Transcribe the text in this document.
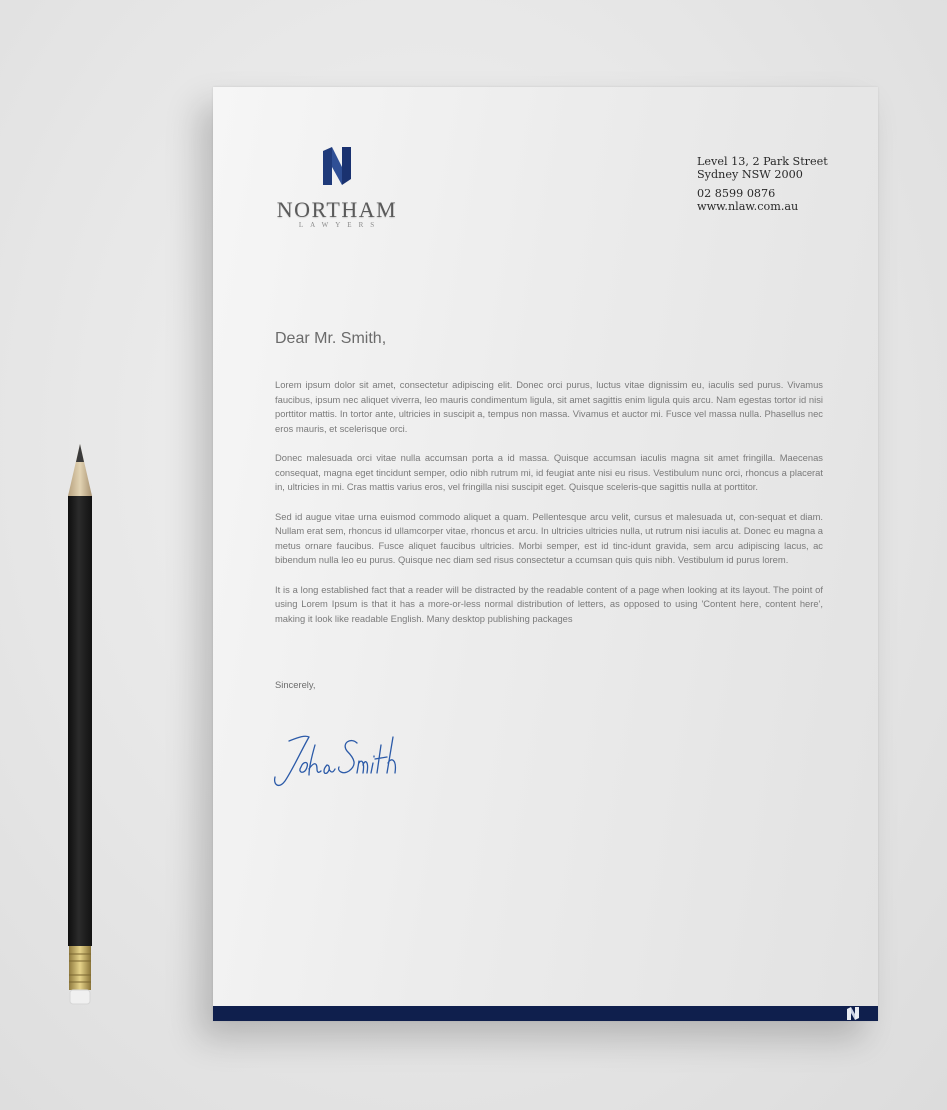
NORTHAM
LAWYERS
Level 13, 2 Park Street
Sydney NSW 2000
02 8599 0876
www.nlaw.com.au
Dear Mr. Smith,

Lorem ipsum dolor sit amet, consectetur adipiscing elit. Donec orci purus, luctus vitae dignissim eu, iaculis sed purus. Vivamus faucibus, ipsum nec aliquet viverra, leo mauris condimentum ligula, sit amet sagittis enim ligula quis arcu. Nam egestas tortor id nisi porttitor mattis. In tortor ante, ultricies in suscipit a, tempus non massa. Vivamus et auctor mi. Fusce vel massa nulla. Phasellus nec eros mauris, et scelerisque orci.

Donec malesuada orci vitae nulla accumsan porta a id massa. Quisque accumsan iaculis magna sit amet fringilla. Maecenas consequat, magna eget tincidunt semper, odio nibh rutrum mi, id feugiat ante nisi eu risus. Vestibulum nunc orci, rhoncus a placerat in, ultricies in mi. Cras mattis varius eros, vel fringilla nisi suscipit eget. Quisque sceleris-que sagittis nulla at porttitor.

Sed id augue vitae urna euismod commodo aliquet a quam. Pellentesque arcu velit, cursus et malesuada ut, con-sequat et diam. Nullam erat sem, rhoncus id ullamcorper vitae, rhoncus et arcu. In ultricies ultricies nulla, ut rutrum nisi iaculis at. Donec eu magna a metus ornare faucibus. Fusce aliquet faucibus ultricies. Morbi semper, est id tinc-idunt gravida, sem arcu adipiscing lacus, ac bibendum nulla leo eu purus. Quisque nec diam sed risus consectetur a ccumsan quis quis nibh. Vestibulum id purus lorem.

It is a long established fact that a reader will be distracted by the readable content of a page when looking at its layout. The point of using Lorem Ipsum is that it has a more-or-less normal distribution of letters, as opposed to using 'Content here, content here', making it look like readable English. Many desktop publishing packages

Sincerely,
